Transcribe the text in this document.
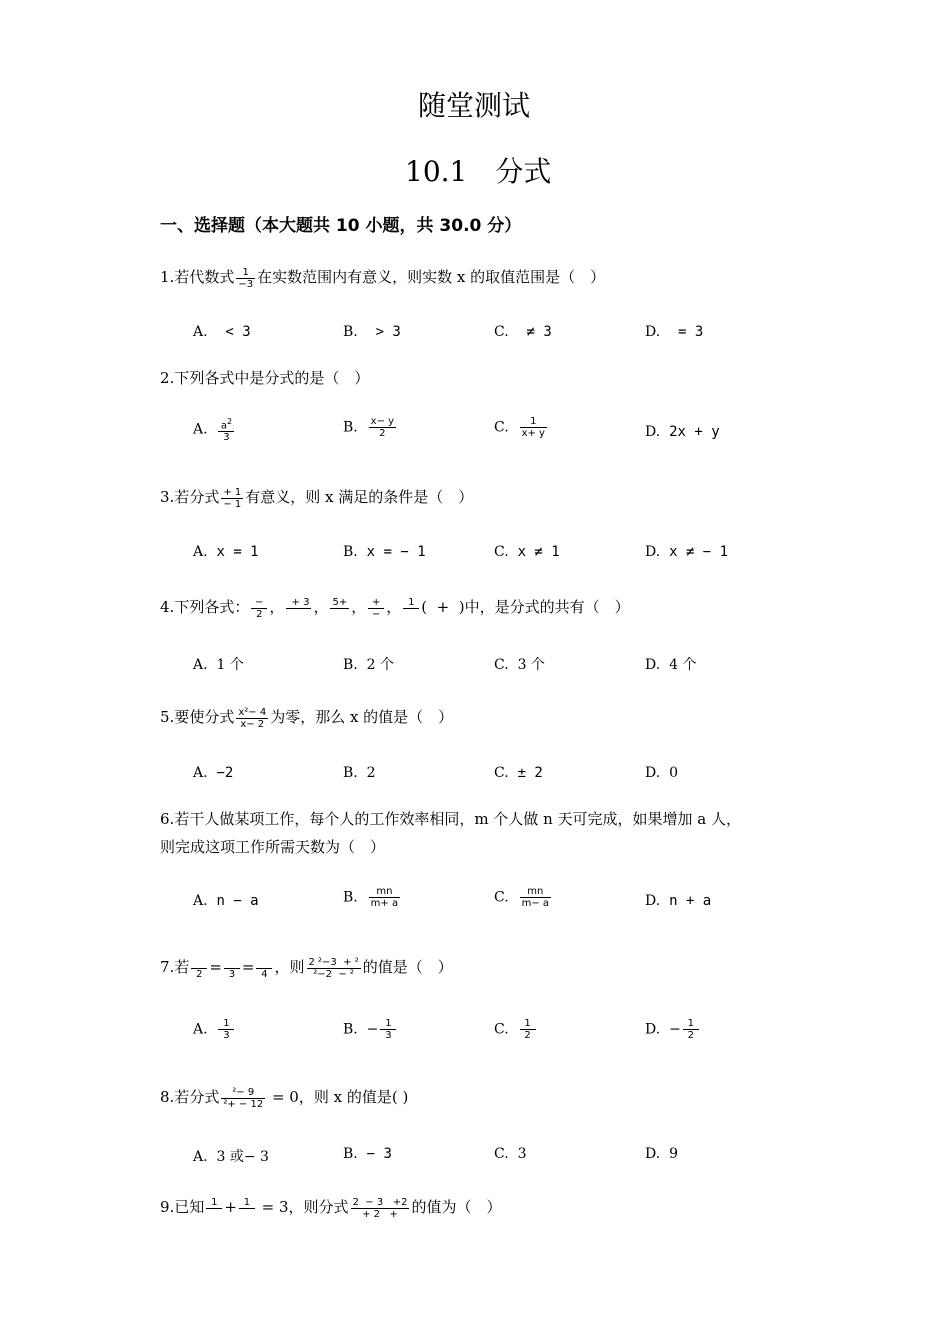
随堂测试
10.1　分式
一、选择题（本大题共 10 小题，共 30.0 分）
1.若代数式 $\frac{1}{-3}$ 在实数范围内有意义，则实数 x 的取值范围是（　）
A. < 3	B. > 3	C. ≠ 3	D. = 3
2.下列各式中是分式的是（　）
A. $\frac{a^2}{3}$	B. $\frac{x- y}{2}$	C. $\frac{1}{x+ y}$	D. 2x + y
3.若分式 $\frac{+ 1}{- 1}$ 有意义，则 x 满足的条件是（　）
A. x = 1	B. x = − 1	C. x ≠ 1	D. x ≠ − 1
4.下列各式： −
2 ， + 3
， 5+
， +
− ， 1
(  +  )中，是分式的共有（　）
A. 1 个	B. 2 个	C. 3 个	D. 4 个
5.要使分式 $\frac{\text{x²− 4}}{x- 2}$ 为零，那么 x 的值是（　）
A. −2	B. 2	C. ± 2	D. 0
6.若干人做某项工作，每个人的工作效率相同，m 个人做 n 天可完成，如果增加 a 人，
则完成这项工作所需天数为（　）
A. n − a	B. $\frac{mn}{m+ a}$	C. $\frac{mn}{m- a}$	D. n + a
7.若
2 =
3 =
4 ，则 $\frac{\text{2 ²−3  + ²}}{\text{²−2  − ²}}$ 的值是（　）
A. $\frac{1}{3}$	B. − $\frac{1}{3}$	C. $\frac{1}{2}$	D. − $\frac{1}{2}$
8.若分式 $\frac{\text{²− 9}}{\text{²+ − 12}} = 0$，则 x 的值是( )
A. 3 或− 3	B. − 3	C. 3	D. 9
9.已知 1
+ 1
= 3，则分式 $\frac{2 - 3 +2}{+ 2 +}$ 的值为（　）
